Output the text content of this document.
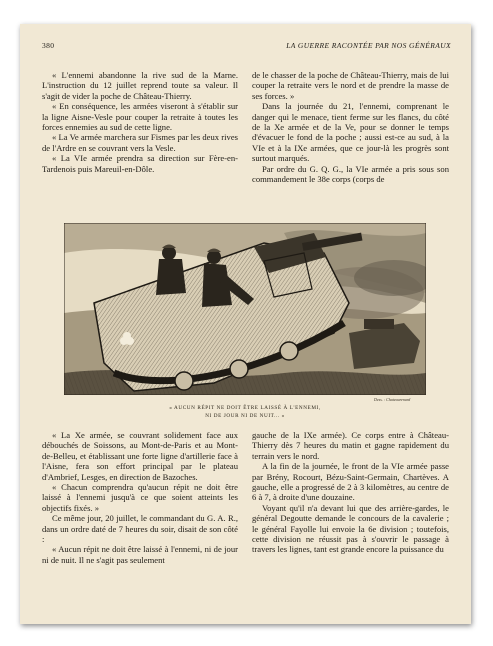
380	LA GUERRE RACONTÉE PAR NOS GÉNÉRAUX

« L'ennemi abandonne la rive sud de la Marne. L'instruction du 12 juillet reprend toute sa valeur. Il s'agit de vider la poche de Château-Thierry.

« En conséquence, les armées viseront à s'établir sur la ligne Aisne-Vesle pour couper la retraite à toutes les forces ennemies au sud de cette ligne.

« La Ve armée marchera sur Fismes par les deux rives de l'Ardre en se couvrant vers la Vesle.

« La VIe armée prendra sa direction sur Fère-en-Tardenois puis Mareuil-en-Dôle.

de le chasser de la poche de Château-Thierry, mais de lui couper la retraite vers le nord et de prendre la masse de ses forces. »

Dans la journée du 21, l'ennemi, comprenant le danger qui le menace, tient ferme sur les flancs, du côté de la Xe armée et de la Ve, pour se donner le temps d'évacuer le fond de la poche ; aussi est-ce au sud, à la VIe et à la IXe armées, que ce jour-là les progrès sont surtout marqués.

Par ordre du G. Q. G., la VIe armée a pris sous son commandement le 38e corps (corps de

Dess. : Chateaurenard
« AUCUN RÉPIT NE DOIT ÊTRE LAISSÉ À L'ENNEMI,
NI DE JOUR NI DE NUIT... »

« La Xe armée, se couvrant solidement face aux débouchés de Soissons, au Mont-de-Paris et au Mont-de-Belleu, et établissant une forte ligne d'artillerie face à l'Aisne, fera son effort principal par le plateau d'Ambrief, Lesges, en direction de Bazoches.

« Chacun comprendra qu'aucun répit ne doit être laissé à l'ennemi jusqu'à ce que soient atteints les objectifs fixés. »

Ce même jour, 20 juillet, le commandant du G. A. R., dans un ordre daté de 7 heures du soir, disait de son côté :

« Aucun répit ne doit être laissé à l'ennemi, ni de jour ni de nuit. Il ne s'agit pas seulement

gauche de la IXe armée). Ce corps entre à Château-Thierry dès 7 heures du matin et gagne rapidement du terrain vers le nord.

A la fin de la journée, le front de la VIe armée passe par Brény, Rocourt, Bézu-Saint-Germain, Chartèves. A gauche, elle a progressé de 2 à 3 kilomètres, au centre de 6 à 7, à droite d'une douzaine.

Voyant qu'il n'a devant lui que des arrière-gardes, le général Degoutte demande le concours de la cavalerie ; le général Fayolle lui envoie la 6e division ; toutefois, cette division ne réussit pas à s'ouvrir le passage à travers les lignes, tant est grande encore la puissance du
